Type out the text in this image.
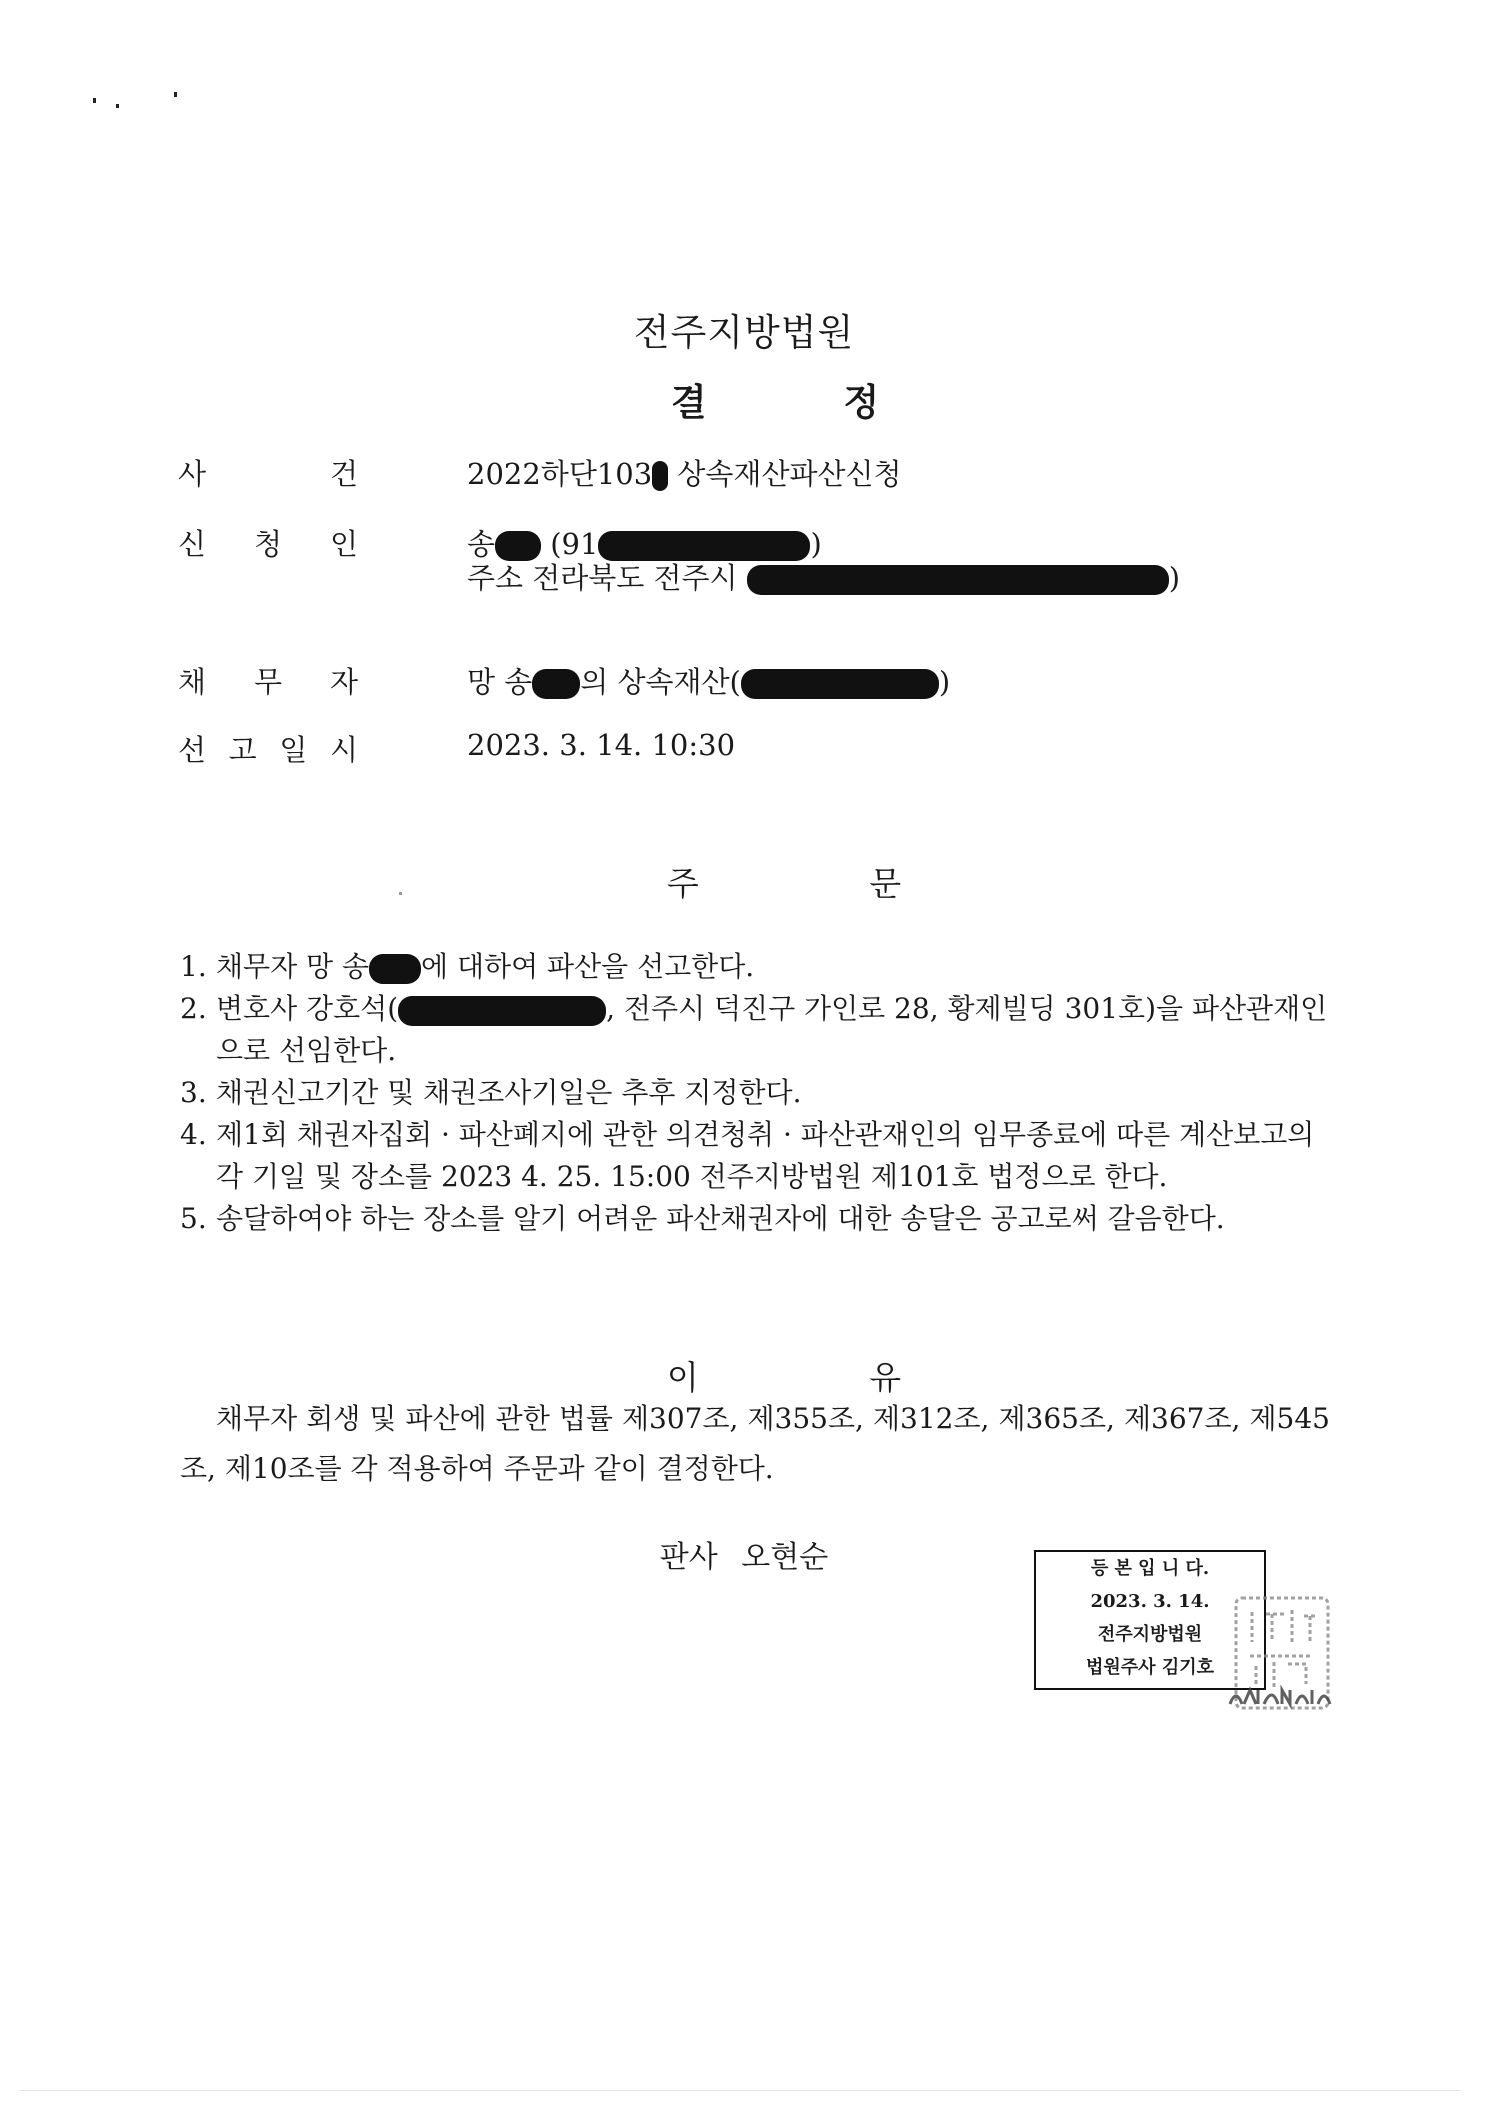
전주지방법원
결 정
사	건	2022하단103 상속재산파산신청
신 청 인	송 (91	)
주소 전라북도 전주시	)
채 무 자	망 송 의 상속재산(	)
선 고 일 시	2023. 3. 14. 10:30
주 문
1. 채무자 망 송 에 대하여 파산을 선고한다.
2. 변호사 강호석(	, 전주시 덕진구 가인로 28, 황제빌딩 301호)을 파산관재인으로 선임한다.
3. 채권신고기간 및 채권조사기일은 추후 지정한다.
4. 제1회 채권자집회 · 파산폐지에 관한 의견청취 · 파산관재인의 임무종료에 따른 계산보고의 각 기일 및 장소를 2023 4. 25. 15:00 전주지방법원 제101호 법정으로 한다.
5. 송달하여야 하는 장소를 알기 어려운 파산채권자에 대한 송달은 공고로써 갈음한다.
이 유
채무자 회생 및 파산에 관한 법률 제307조, 제355조, 제312조, 제365조, 제367조, 제545조, 제10조를 각 적용하여 주문과 같이 결정한다.
판사 오현순	등 본 입 니 다.
2023. 3. 14.
전주지방법원
법원주사 김기호
